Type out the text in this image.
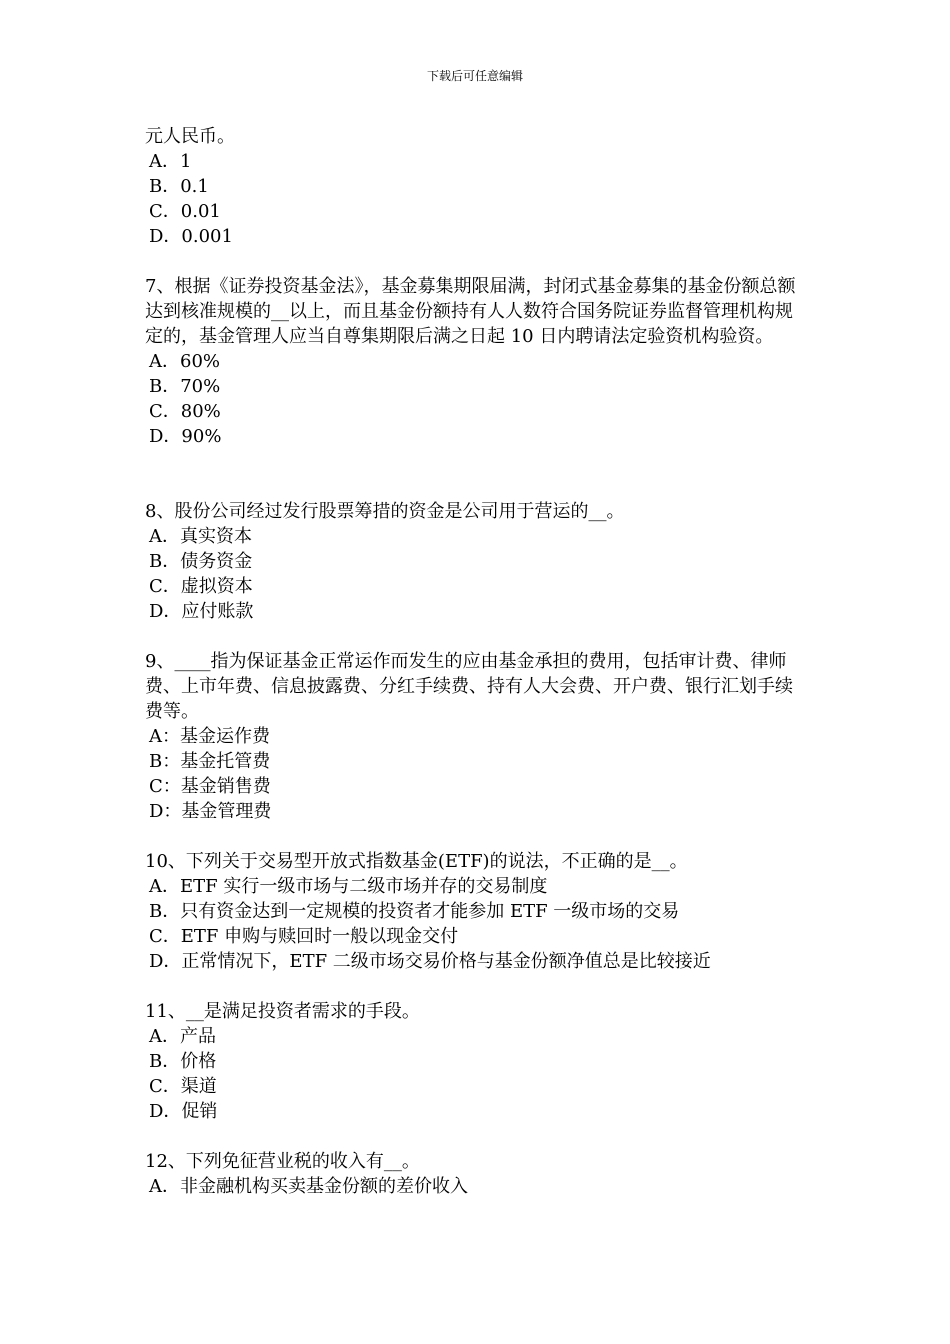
下载后可任意编辑

元人民币。

A．1

B．0.1

C．0.01

D．0.001

7、根据《证券投资基金法》，基金募集期限届满，封闭式基金募集的基金份额总额达到核准规模的__以上，而且基金份额持有人人数符合国务院证券监督管理机构规定的，基金管理人应当自尊集期限后满之日起 10 日内聘请法定验资机构验资。

A．60%

B．70%

C．80%

D．90%

8、股份公司经过发行股票筹措的资金是公司用于营运的__。

A．真实资本

B．债务资金

C．虚拟资本

D．应付账款

9、____指为保证基金正常运作而发生的应由基金承担的费用，包括审计费、律师费、上市年费、信息披露费、分红手续费、持有人大会费、开户费、银行汇划手续费等。

A：基金运作费

B：基金托管费

C：基金销售费

D：基金管理费

10、下列关于交易型开放式指数基金(ETF)的说法，不正确的是__。

A．ETF 实行一级市场与二级市场并存的交易制度

B．只有资金达到一定规模的投资者才能参加 ETF 一级市场的交易

C．ETF 申购与赎回时一般以现金交付

D．正常情况下，ETF 二级市场交易价格与基金份额净值总是比较接近

11、__是满足投资者需求的手段。

A．产品

B．价格

C．渠道

D．促销

12、下列免征营业税的收入有__。

A．非金融机构买卖基金份额的差价收入
